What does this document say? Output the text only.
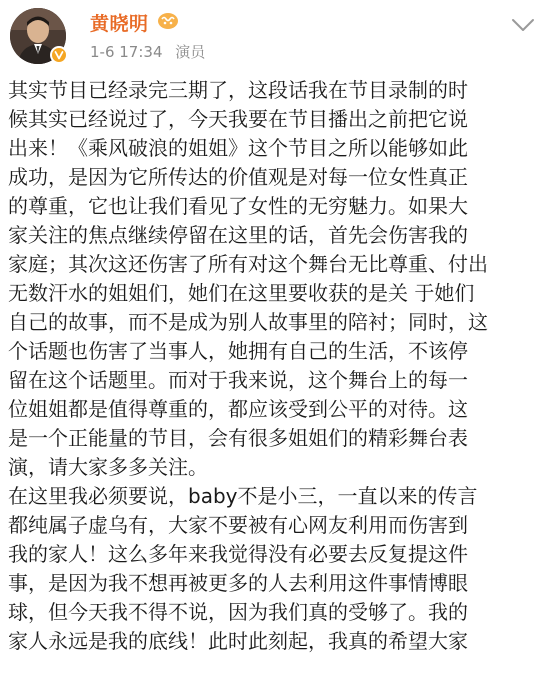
黄晓明
1-6 17:34 演员

其实节目已经录完三期了，这段话我在节目录制的时
候其实已经说过了，今天我要在节目播出之前把它说
出来！《乘风破浪的姐姐》这个节目之所以能够如此
成功，是因为它所传达的价值观是对每一位女性真正
的尊重，它也让我们看见了女性的无穷魅力。如果大
家关注的焦点继续停留在这里的话，首先会伤害我的
家庭；其次这还伤害了所有对这个舞台无比尊重、付出
无数汗水的姐姐们，她们在这里要收获的是关 于她们
自己的故事，而不是成为别人故事里的陪衬；同时，这
个话题也伤害了当事人，她拥有自己的生活，不该停
留在这个话题里。而对于我来说，这个舞台上的每一
位姐姐都是值得尊重的，都应该受到公平的对待。这
是一个正能量的节目，会有很多姐姐们的精彩舞台表
演，请大家多多关注。

在这里我必须要说，baby不是小三，一直以来的传言
都纯属子虚乌有，大家不要被有心网友利用而伤害到
我的家人！这么多年来我觉得没有必要去反复提这件
事，是因为我不想再被更多的人去利用这件事情博眼
球，但今天我不得不说，因为我们真的受够了。我的
家人永远是我的底线！此时此刻起，我真的希望大家
